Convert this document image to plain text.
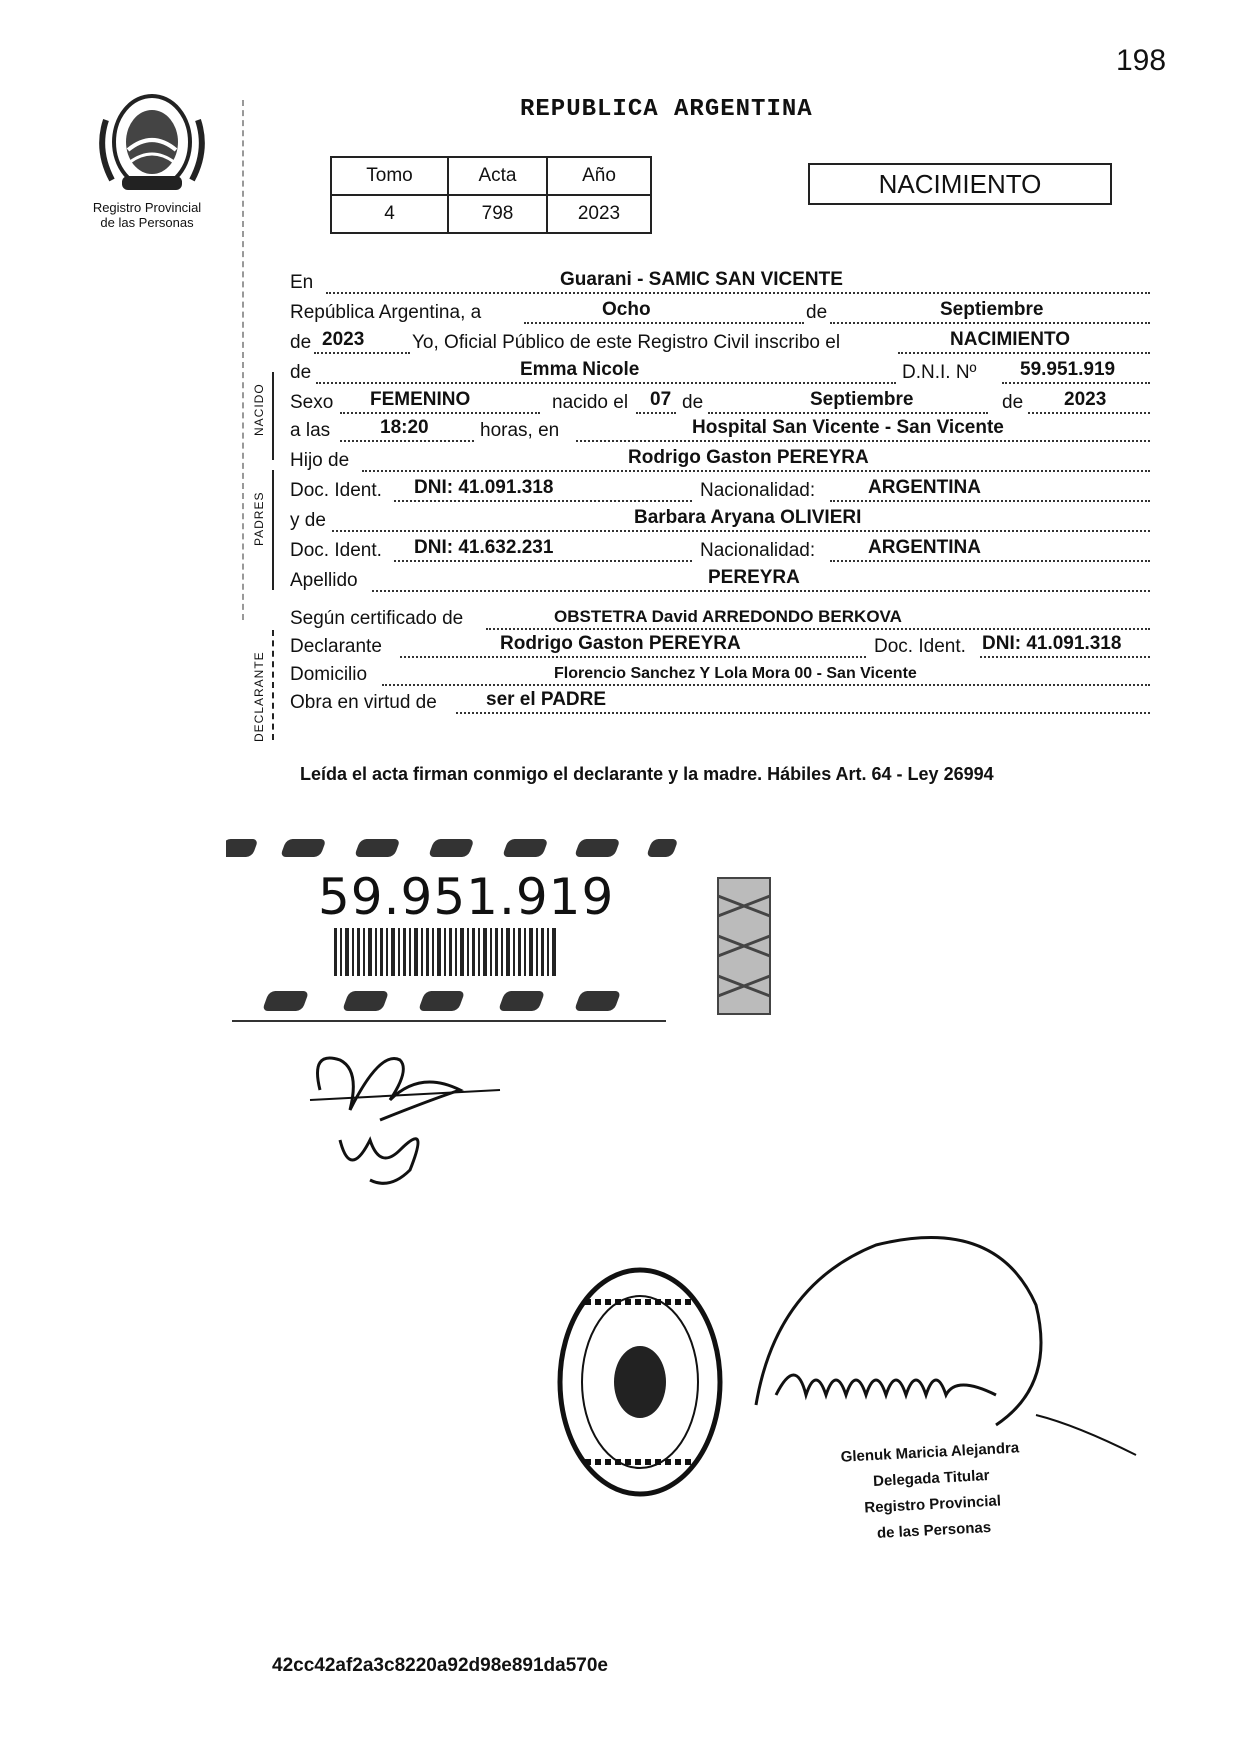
198
REPUBLICA ARGENTINA
Registro Provincial
de las Personas
Tomo	Acta	Año
4	798	2023
NACIMIENTO
En	Guarani - SAMIC SAN VICENTE
República Argentina, a	Ocho	de	Septiembre
de 2023	Yo, Oficial Público de este Registro Civil inscribo el	NACIMIENTO
NACIDO
de	Emma Nicole	D.N.I. Nº 59.951.919
Sexo FEMENINO	nacido el 07 de	Septiembre	de 2023
a las	18:20	horas, en	Hospital San Vicente - San Vicente
PADRES
Hijo de	Rodrigo Gaston PEREYRA
Doc. Ident. DNI: 41.091.318	Nacionalidad:	ARGENTINA
y de	Barbara Aryana OLIVIERI
Doc. Ident. DNI: 41.632.231	Nacionalidad:	ARGENTINA
Apellido	PEREYRA
DECLARANTE
Según certificado de	OBSTETRA David ARREDONDO BERKOVA
Declarante	Rodrigo Gaston PEREYRA	Doc. Ident. DNI: 41.091.318
Domicilio	Florencio Sanchez Y Lola Mora 00 - San Vicente
Obra en virtud de	ser el PADRE
Leída el acta firman conmigo el declarante y la madre. Hábiles Art. 64 - Ley 26994
59.951.919
Glenuk Maricia Alejandra
Delegada Titular
Registro Provincial
de las Personas
42cc42af2a3c8220a92d98e891da570e
